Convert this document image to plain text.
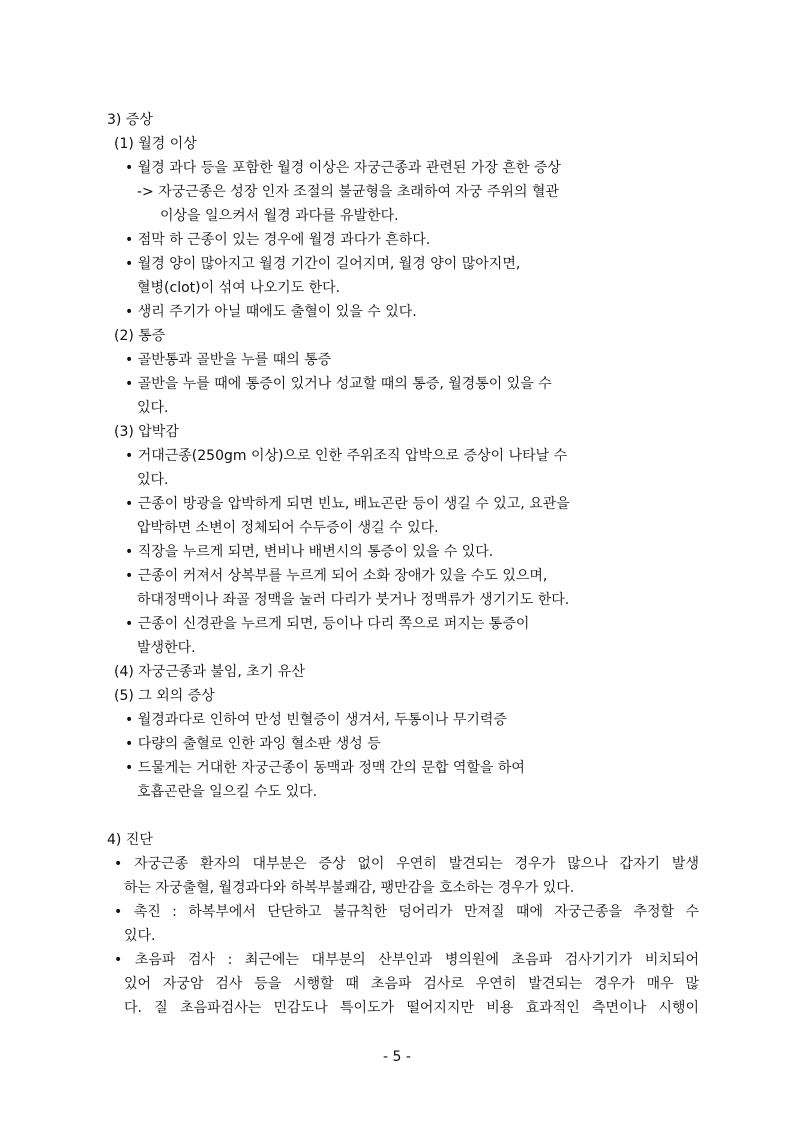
3) 증상
(1) 월경 이상
• 월경 과다 등을 포함한 월경 이상은 자궁근종과 관련된 가장 흔한 증상
-> 자궁근종은 성장 인자 조절의 불균형을 초래하여 자궁 주위의 혈관
이상을 일으켜서 월경 과다를 유발한다.
• 점막 하 근종이 있는 경우에 월경 과다가 흔하다.
• 월경 양이 많아지고 월경 기간이 길어지며, 월경 양이 많아지면,
혈병(clot)이 섞여 나오기도 한다.
• 생리 주기가 아닐 때에도 출혈이 있을 수 있다.
(2) 통증
• 골반통과 골반을 누를 때의 통증
• 골반을 누를 때에 통증이 있거나 성교할 때의 통증, 월경통이 있을 수
있다.
(3) 압박감
• 거대근종(250gm 이상)으로 인한 주위조직 압박으로 증상이 나타날 수
있다.
• 근종이 방광을 압박하게 되면 빈뇨, 배뇨곤란 등이 생길 수 있고, 요관을
압박하면 소변이 정체되어 수두증이 생길 수 있다.
• 직장을 누르게 되면, 변비나 배변시의 통증이 있을 수 있다.
• 근종이 커져서 상복부를 누르게 되어 소화 장애가 있을 수도 있으며,
하대정맥이나 좌골 정맥을 눌러 다리가 붓거나 정맥류가 생기기도 한다.
• 근종이 신경관을 누르게 되면, 등이나 다리 쪽으로 퍼지는 통증이
발생한다.
(4) 자궁근종과 불임, 초기 유산
(5) 그 외의 증상
• 월경과다로 인하여 만성 빈혈증이 생겨서, 두통이나 무기력증
• 다량의 출혈로 인한 과잉 혈소판 생성 등
• 드물게는 거대한 자궁근종이 동맥과 정맥 간의 문합 역할을 하여
호흡곤란을 일으킬 수도 있다.
4) 진단
• 자궁근종 환자의 대부분은 증상 없이 우연히 발견되는 경우가 많으나 갑자기 발생
하는 자궁출혈, 월경과다와 하복부불쾌감, 팽만감을 호소하는 경우가 있다.
• 촉진 : 하복부에서 단단하고 불규칙한 덩어리가 만져질 때에 자궁근종을 추정할 수
있다.
• 초음파 검사 : 최근에는 대부분의 산부인과 병의원에 초음파 검사기기가 비치되어
있어 자궁암 검사 등을 시행할 때 초음파 검사로 우연히 발견되는 경우가 매우 많
다. 질 초음파검사는 민감도나 특이도가 떨어지지만 비용 효과적인 측면이나 시행이
- 5 -
